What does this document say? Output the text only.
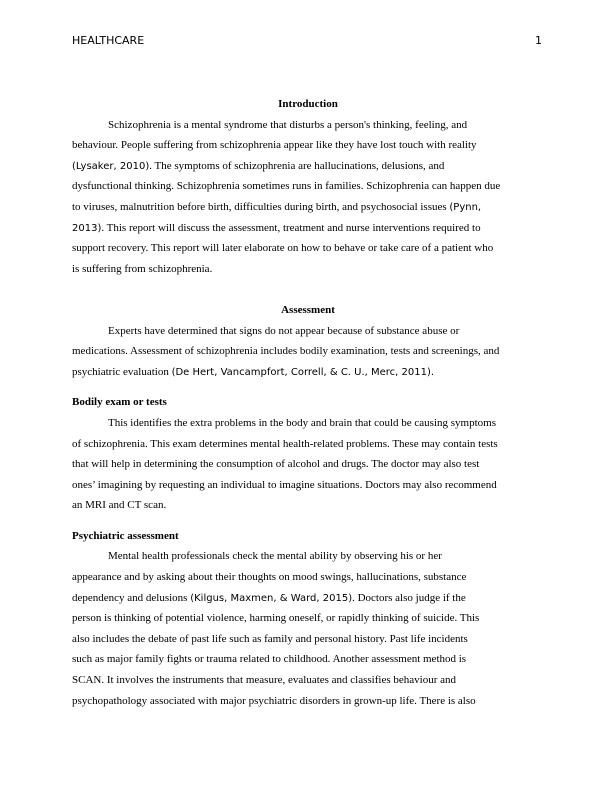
HEALTHCARE	1
Introduction
Schizophrenia is a mental syndrome that disturbs a person's thinking, feeling, and
behaviour. People suffering from schizophrenia appear like they have lost touch with reality
(Lysaker, 2010). The symptoms of schizophrenia are hallucinations, delusions, and
dysfunctional thinking. Schizophrenia sometimes runs in families. Schizophrenia can happen due
to viruses, malnutrition before birth, difficulties during birth, and psychosocial issues (Pynn,
2013). This report will discuss the assessment, treatment and nurse interventions required to
support recovery. This report will later elaborate on how to behave or take care of a patient who
is suffering from schizophrenia.
Assessment
Experts have determined that signs do not appear because of substance abuse or
medications. Assessment of schizophrenia includes bodily examination, tests and screenings, and
psychiatric evaluation (De Hert, Vancampfort, Correll, & C. U., Merc, 2011).
Bodily exam or tests
This identifies the extra problems in the body and brain that could be causing symptoms
of schizophrenia. This exam determines mental health-related problems. These may contain tests
that will help in determining the consumption of alcohol and drugs. The doctor may also test
ones’ imagining by requesting an individual to imagine situations. Doctors may also recommend
an MRI and CT scan.
Psychiatric assessment
Mental health professionals check the mental ability by observing his or her
appearance and by asking about their thoughts on mood swings, hallucinations, substance
dependency and delusions (Kilgus, Maxmen, & Ward, 2015). Doctors also judge if the
person is thinking of potential violence, harming oneself, or rapidly thinking of suicide. This
also includes the debate of past life such as family and personal history. Past life incidents
such as major family fights or trauma related to childhood. Another assessment method is
SCAN. It involves the instruments that measure, evaluates and classifies behaviour and
psychopathology associated with major psychiatric disorders in grown-up life. There is also
